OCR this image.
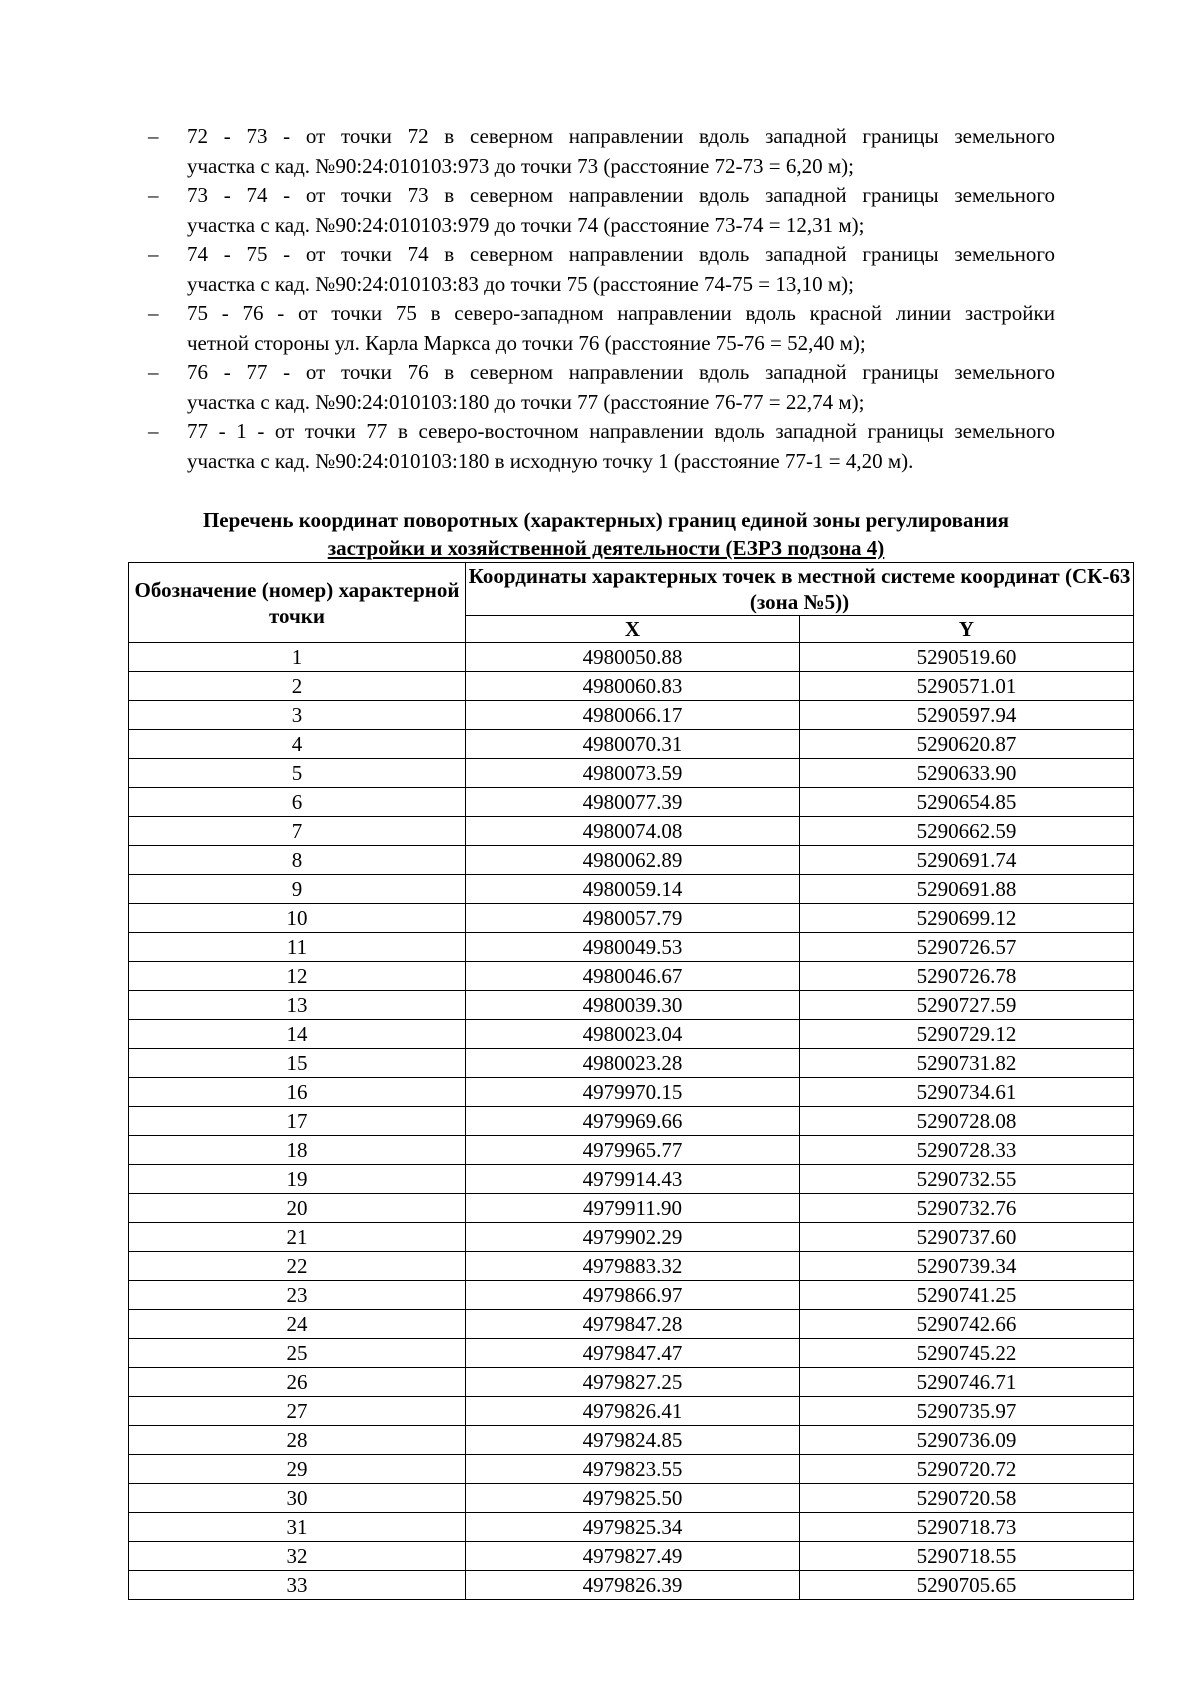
– 72 - 73 - от точки 72 в северном направлении вдоль западной границы земельного
участка с кад. №90:24:010103:973 до точки 73 (расстояние 72-73 = 6,20 м);
– 73 - 74 - от точки 73 в северном направлении вдоль западной границы земельного
участка с кад. №90:24:010103:979 до точки 74 (расстояние 73-74 = 12,31 м);
– 74 - 75 - от точки 74 в северном направлении вдоль западной границы земельного
участка с кад. №90:24:010103:83 до точки 75 (расстояние 74-75 = 13,10 м);
– 75 - 76 - от точки 75 в северо-западном направлении вдоль красной линии застройки
четной стороны ул. Карла Маркса до точки 76 (расстояние 75-76 = 52,40 м);
– 76 - 77 - от точки 76 в северном направлении вдоль западной границы земельного
участка с кад. №90:24:010103:180 до точки 77 (расстояние 76-77 = 22,74 м);
– 77 - 1 - от точки 77 в северо-восточном направлении вдоль западной границы земельного
участка с кад. №90:24:010103:180 в исходную точку 1 (расстояние 77-1 = 4,20 м).
Перечень координат поворотных (характерных) границ единой зоны регулирования
застройки и хозяйственной деятельности (ЕЗРЗ подзона 4)
Обозначение (номер) характерной точки	Координаты характерных точек в местной системе координат (СК-63 (зона №5))	
	X	Y
1	4980050.88	5290519.60
2	4980060.83	5290571.01
3	4980066.17	5290597.94
4	4980070.31	5290620.87
5	4980073.59	5290633.90
6	4980077.39	5290654.85
7	4980074.08	5290662.59
8	4980062.89	5290691.74
9	4980059.14	5290691.88
10	4980057.79	5290699.12
11	4980049.53	5290726.57
12	4980046.67	5290726.78
13	4980039.30	5290727.59
14	4980023.04	5290729.12
15	4980023.28	5290731.82
16	4979970.15	5290734.61
17	4979969.66	5290728.08
18	4979965.77	5290728.33
19	4979914.43	5290732.55
20	4979911.90	5290732.76
21	4979902.29	5290737.60
22	4979883.32	5290739.34
23	4979866.97	5290741.25
24	4979847.28	5290742.66
25	4979847.47	5290745.22
26	4979827.25	5290746.71
27	4979826.41	5290735.97
28	4979824.85	5290736.09
29	4979823.55	5290720.72
30	4979825.50	5290720.58
31	4979825.34	5290718.73
32	4979827.49	5290718.55
33	4979826.39	5290705.65
